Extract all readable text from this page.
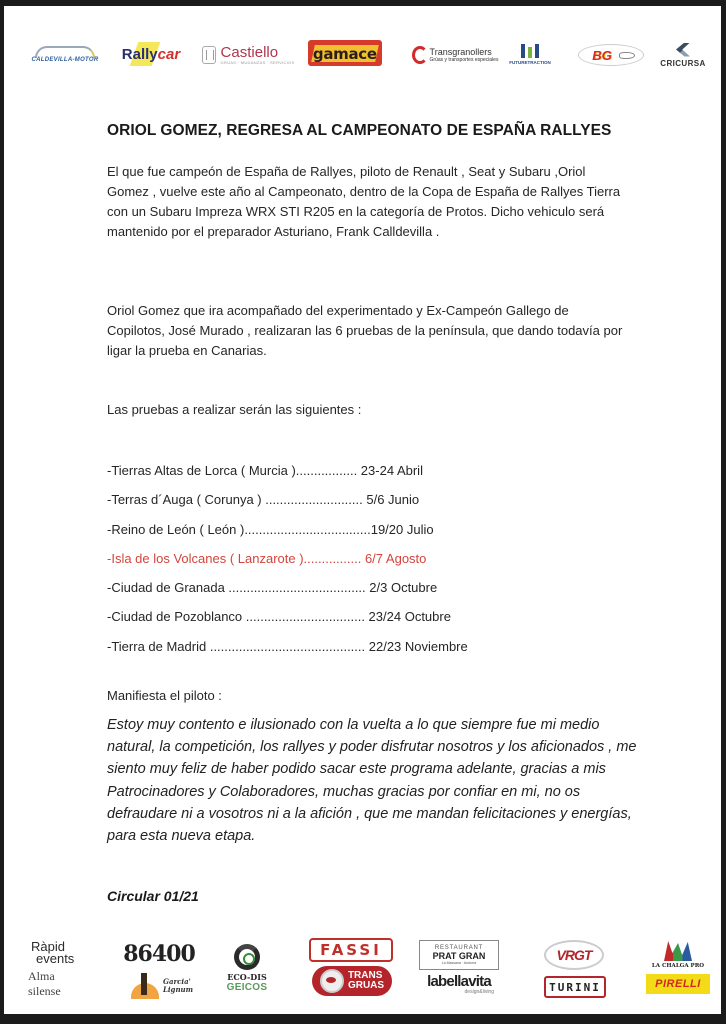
CALDEVILLA-MOTOR Rally car	Castiello
GRUAS · MUDANZAS · SERVICIOS
gamace	Transgranollers
Grúas y transportes especiales FUTURETRACTION	BG
CRICURSA
ORIOL GOMEZ, REGRESA AL CAMPEONATO DE ESPAÑA RALLYES
El que fue campeón de España de Rallyes, piloto de Renault , Seat y Subaru ,Oriol Gomez , vuelve este año al Campeonato, dentro de la Copa de España de Rallyes Tierra con un Subaru Impreza WRX STI R205 en la categoría de Protos. Dicho vehiculo será mantenido por el preparador Asturiano, Frank Calldevilla .
Oriol Gomez que ira acompañado del experimentado y Ex-Campeón Gallego de Copilotos, José Murado , realizaran las 6 pruebas de la península, que dando todavía por ligar la prueba en Canarias.
Las pruebas a realizar serán las siguientes :
-Tierras Altas de Lorca ( Murcia )................. 23-24 Abril
-Terras d´Auga ( Corunya ) ........................... 5/6 Junio
-Reino de León ( León )...................................19/20 Julio
-Isla de los Volcanes ( Lanzarote )................ 6/7 Agosto
-Ciudad de Granada ...................................... 2/3 Octubre
-Ciudad de Pozoblanco ................................. 23/24 Octubre
-Tierra de Madrid ........................................... 22/23 Noviembre
Manifiesta el piloto :
Estoy muy contento e ilusionado con la vuelta a lo que siempre fue mi medio natural, la competición, los rallyes y poder disfrutar nosotros y los aficionados , me siento muy feliz de haber podido sacar este programa adelante, gracias a mis Patrocinadores y Colaboradores, muchas gracias por confiar en mi, no os defraudare ni a vosotros ni a la afición , que me mandan felicitaciones y energías, para esta nueva etapa.
Circular 01/21
Ràpid
events
Alma silense
86400
Garcia'
Lignum
ECO-DIS
GEICOS
FASSI
TRANS
GRUAS
RESTAURANT
PRAT GRAN
La Massana · Andorra
labellavita
design&living
VRGT
TURINI
LA CHALGA PRO
PIRELLI
